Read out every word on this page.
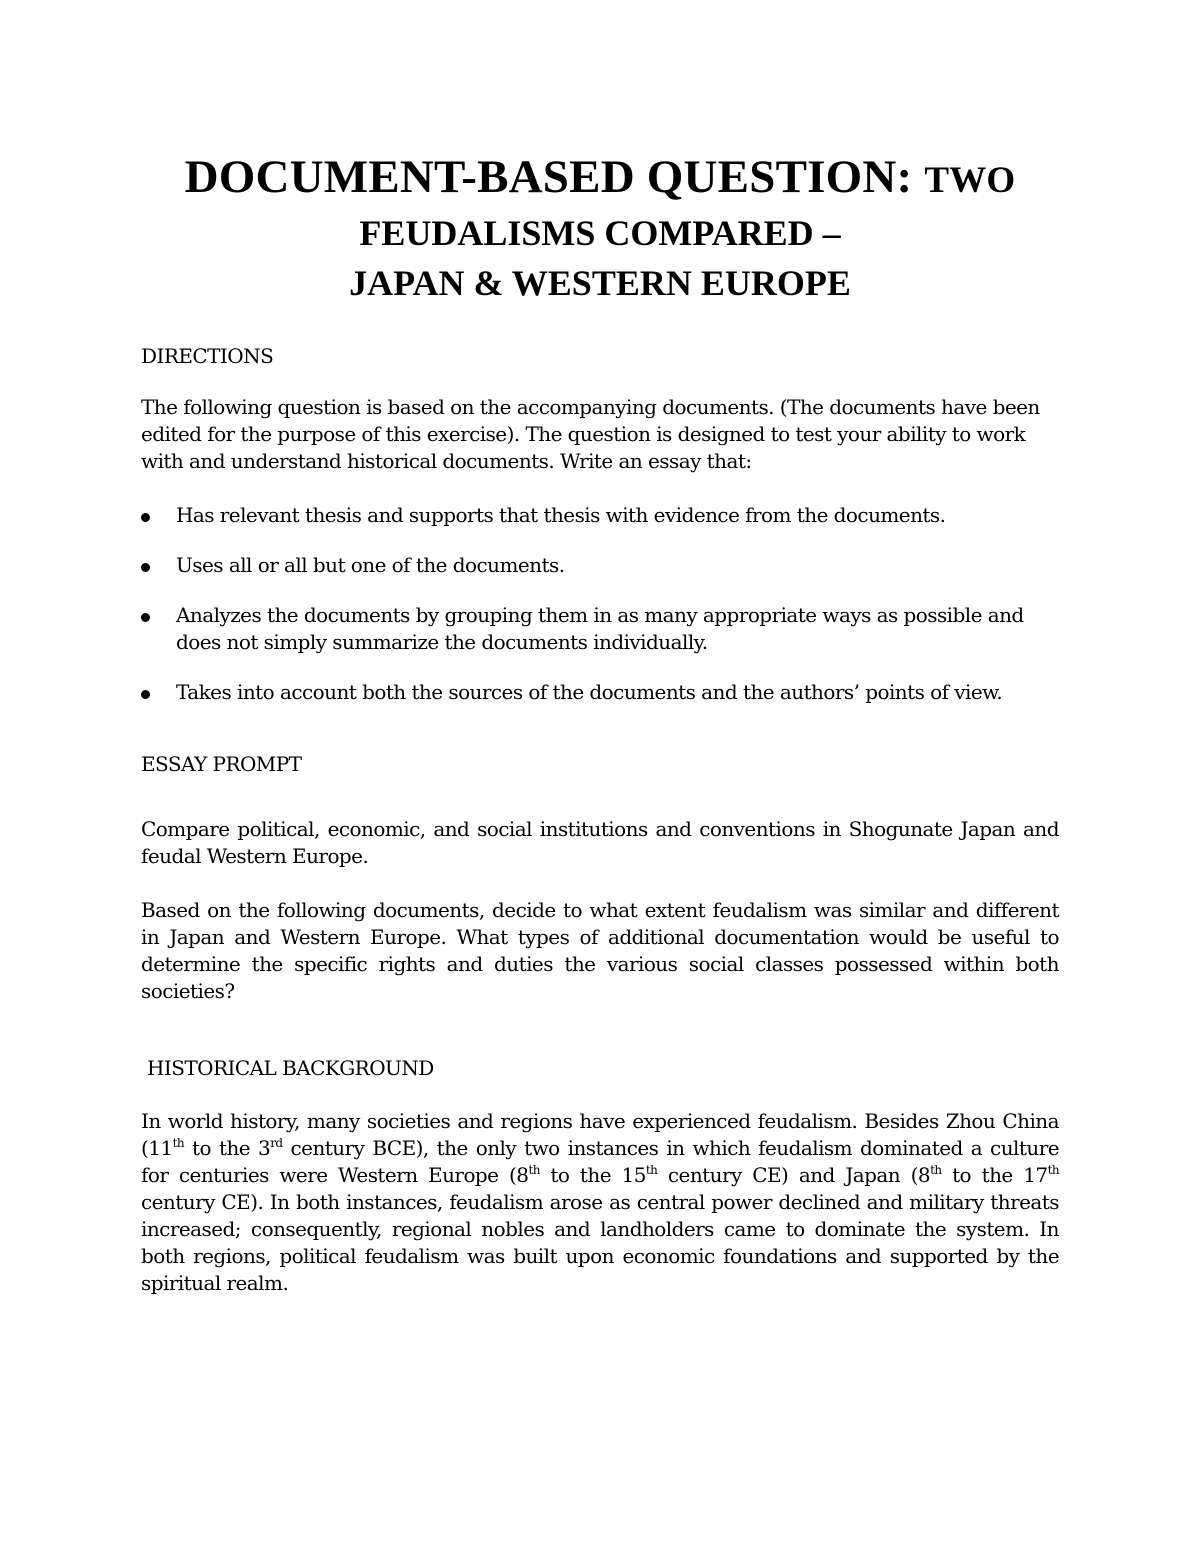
DOCUMENT-BASED QUESTION: TWO
FEUDALISMS COMPARED –
JAPAN & WESTERN EUROPE

DIRECTIONS

The following question is based on the accompanying documents. (The documents have been edited for the purpose of this exercise). The question is designed to test your ability to work with and understand historical documents. Write an essay that:

Has relevant thesis and supports that thesis with evidence from the documents.
Uses all or all but one of the documents.
Analyzes the documents by grouping them in as many appropriate ways as possible and does not simply summarize the documents individually.
Takes into account both the sources of the documents and the authors’ points of view.

ESSAY PROMPT

Compare political, economic, and social institutions and conventions in Shogunate Japan and feudal Western Europe.

Based on the following documents, decide to what extent feudalism was similar and different in Japan and Western Europe. What types of additional documentation would be useful to determine the specific rights and duties the various social classes possessed within both societies?

HISTORICAL BACKGROUND

In world history, many societies and regions have experienced feudalism. Besides Zhou China (11th to the 3rd century BCE), the only two instances in which feudalism dominated a culture for centuries were Western Europe (8th to the 15th century CE) and Japan (8th to the 17th century CE). In both instances, feudalism arose as central power declined and military threats increased; consequently, regional nobles and landholders came to dominate the system. In both regions, political feudalism was built upon economic foundations and supported by the spiritual realm.
